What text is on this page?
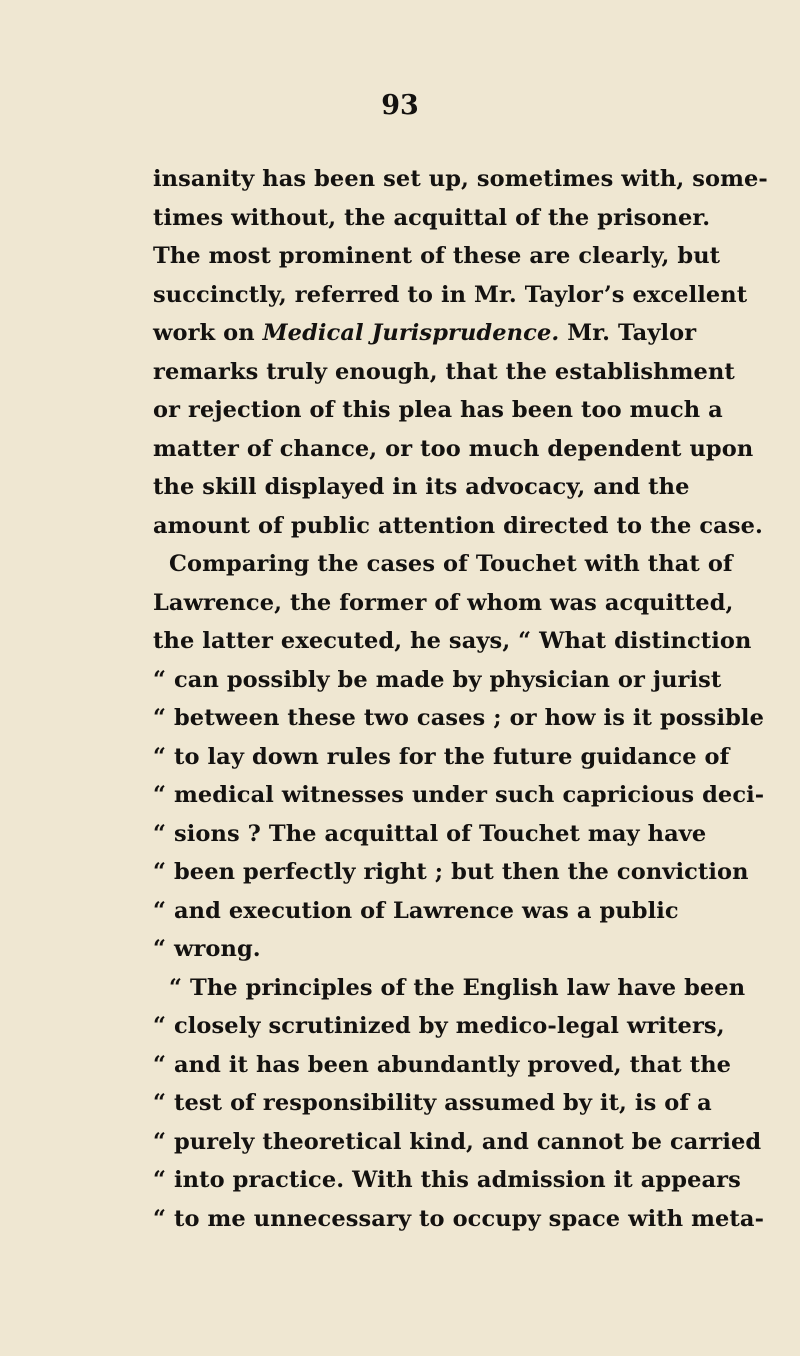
93
insanity has been set up, sometimes with, some-
times without, the acquittal of the prisoner.
The most prominent of these are clearly, but
succinctly, referred to in Mr. Taylor’s excellent
work on Medical Jurisprudence. Mr. Taylor
remarks truly enough, that the establishment
or rejection of this plea has been too much a
matter of chance, or too much dependent upon
the skill displayed in its advocacy, and the
amount of public attention directed to the case.
Comparing the cases of Touchet with that of
Lawrence, the former of whom was acquitted,
the latter executed, he says, “ What distinction
“ can possibly be made by physician or jurist
“ between these two cases ; or how is it possible
“ to lay down rules for the future guidance of
“ medical witnesses under such capricious deci-
“ sions ? The acquittal of Touchet may have
“ been perfectly right ; but then the conviction
“ and execution of Lawrence was a public
“ wrong.
“ The principles of the English law have been
“ closely scrutinized by medico-legal writers,
“ and it has been abundantly proved, that the
“ test of responsibility assumed by it, is of a
“ purely theoretical kind, and cannot be carried
“ into practice. With this admission it appears
“ to me unnecessary to occupy space with meta-
